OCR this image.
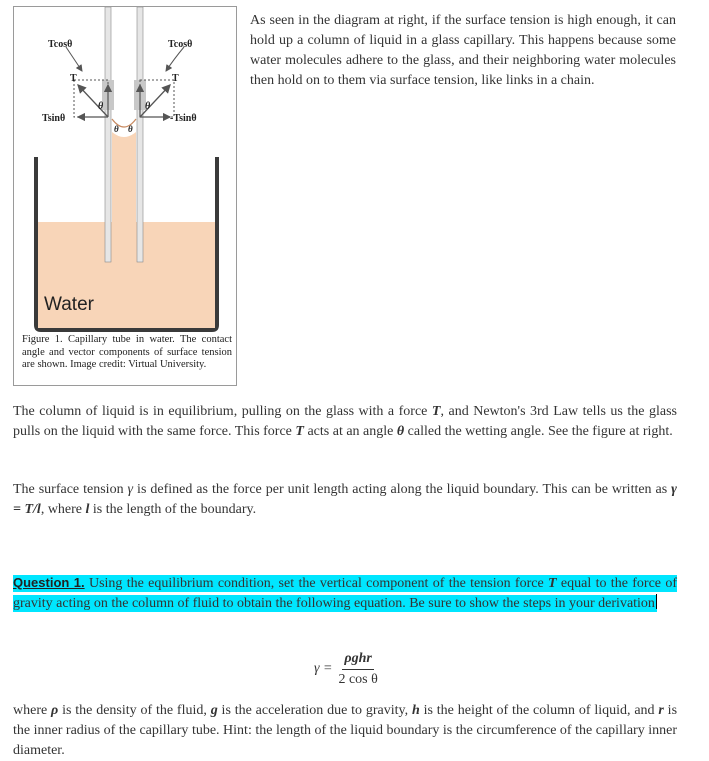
Tcosθ	Tcosθ
T	T
θ	θ
Tsinθ	-Tsinθ
θ θ
Water
Figure 1. Capillary tube in water. The contact angle and vector components of surface tension are shown. Image credit: Virtual University.
As seen in the diagram at right, if the surface tension is high enough, it can hold up a column of liquid in a glass capillary. This happens because some water molecules adhere to the glass, and their neighboring water molecules then hold on to them via surface tension, like links in a chain.
The column of liquid is in equilibrium, pulling on the glass with a force T, and Newton's 3rd Law tells us the glass pulls on the liquid with the same force. This force T acts at an angle θ called the wetting angle. See the figure at right.
The surface tension γ is defined as the force per unit length acting along the liquid boundary. This can be written as γ = T/l, where l is the length of the boundary.
Question 1. Using the equilibrium condition, set the vertical component of the tension force T equal to the force of gravity acting on the column of fluid to obtain the following equation. Be sure to show the steps in your derivation
$\gamma = \frac{\text{ρghr}}{\text{2 cos θ}}$
where ρ is the density of the fluid, g is the acceleration due to gravity, h is the height of the column of liquid, and r is the inner radius of the capillary tube. Hint: the length of the liquid boundary is the circumference of the capillary inner diameter.
